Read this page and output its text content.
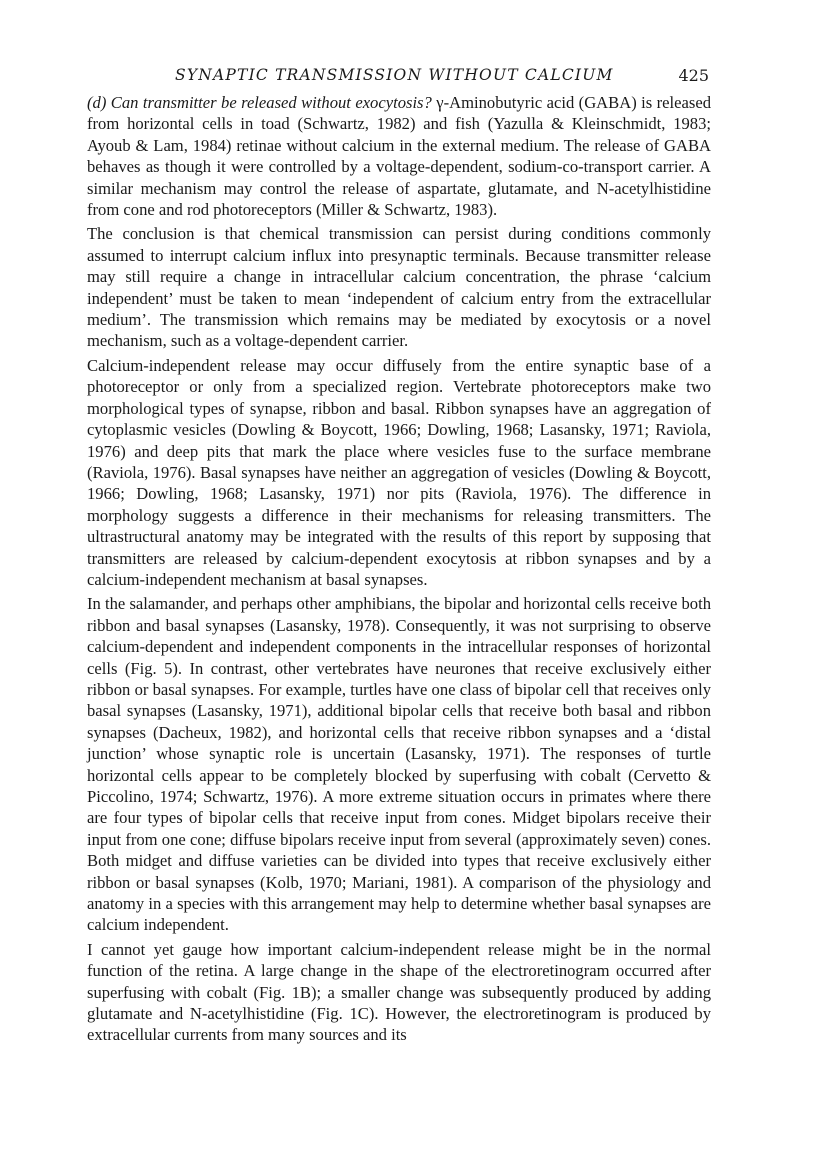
SYNAPTIC TRANSMISSION WITHOUT CALCIUM	425

(d) Can transmitter be released without exocytosis? γ-Aminobutyric acid (GABA) is released from horizontal cells in toad (Schwartz, 1982) and fish (Yazulla & Kleinschmidt, 1983; Ayoub & Lam, 1984) retinae without calcium in the external medium. The release of GABA behaves as though it were controlled by a voltage-dependent, sodium-co-transport carrier. A similar mechanism may control the release of aspartate, glutamate, and N-acetylhistidine from cone and rod photoreceptors (Miller & Schwartz, 1983).

The conclusion is that chemical transmission can persist during conditions commonly assumed to interrupt calcium influx into presynaptic terminals. Because transmitter release may still require a change in intracellular calcium concentration, the phrase ‘calcium independent’ must be taken to mean ‘independent of calcium entry from the extracellular medium’. The transmission which remains may be mediated by exocytosis or a novel mechanism, such as a voltage-dependent carrier.

Calcium-independent release may occur diffusely from the entire synaptic base of a photoreceptor or only from a specialized region. Vertebrate photoreceptors make two morphological types of synapse, ribbon and basal. Ribbon synapses have an aggregation of cytoplasmic vesicles (Dowling & Boycott, 1966; Dowling, 1968; Lasansky, 1971; Raviola, 1976) and deep pits that mark the place where vesicles fuse to the surface membrane (Raviola, 1976). Basal synapses have neither an aggregation of vesicles (Dowling & Boycott, 1966; Dowling, 1968; Lasansky, 1971) nor pits (Raviola, 1976). The difference in morphology suggests a difference in their mechanisms for releasing transmitters. The ultrastructural anatomy may be integrated with the results of this report by supposing that transmitters are released by calcium-dependent exocytosis at ribbon synapses and by a calcium-independent mechanism at basal synapses.

In the salamander, and perhaps other amphibians, the bipolar and horizontal cells receive both ribbon and basal synapses (Lasansky, 1978). Consequently, it was not surprising to observe calcium-dependent and independent components in the intracellular responses of horizontal cells (Fig. 5). In contrast, other vertebrates have neurones that receive exclusively either ribbon or basal synapses. For example, turtles have one class of bipolar cell that receives only basal synapses (Lasansky, 1971), additional bipolar cells that receive both basal and ribbon synapses (Dacheux, 1982), and horizontal cells that receive ribbon synapses and a ‘distal junction’ whose synaptic role is uncertain (Lasansky, 1971). The responses of turtle horizontal cells appear to be completely blocked by superfusing with cobalt (Cervetto & Piccolino, 1974; Schwartz, 1976). A more extreme situation occurs in primates where there are four types of bipolar cells that receive input from cones. Midget bipolars receive their input from one cone; diffuse bipolars receive input from several (approximately seven) cones. Both midget and diffuse varieties can be divided into types that receive exclusively either ribbon or basal synapses (Kolb, 1970; Mariani, 1981). A comparison of the physiology and anatomy in a species with this arrangement may help to determine whether basal synapses are calcium independent.

I cannot yet gauge how important calcium-independent release might be in the normal function of the retina. A large change in the shape of the electroretinogram occurred after superfusing with cobalt (Fig. 1B); a smaller change was subsequently produced by adding glutamate and N-acetylhistidine (Fig. 1C). However, the electroretinogram is produced by extracellular currents from many sources and its
